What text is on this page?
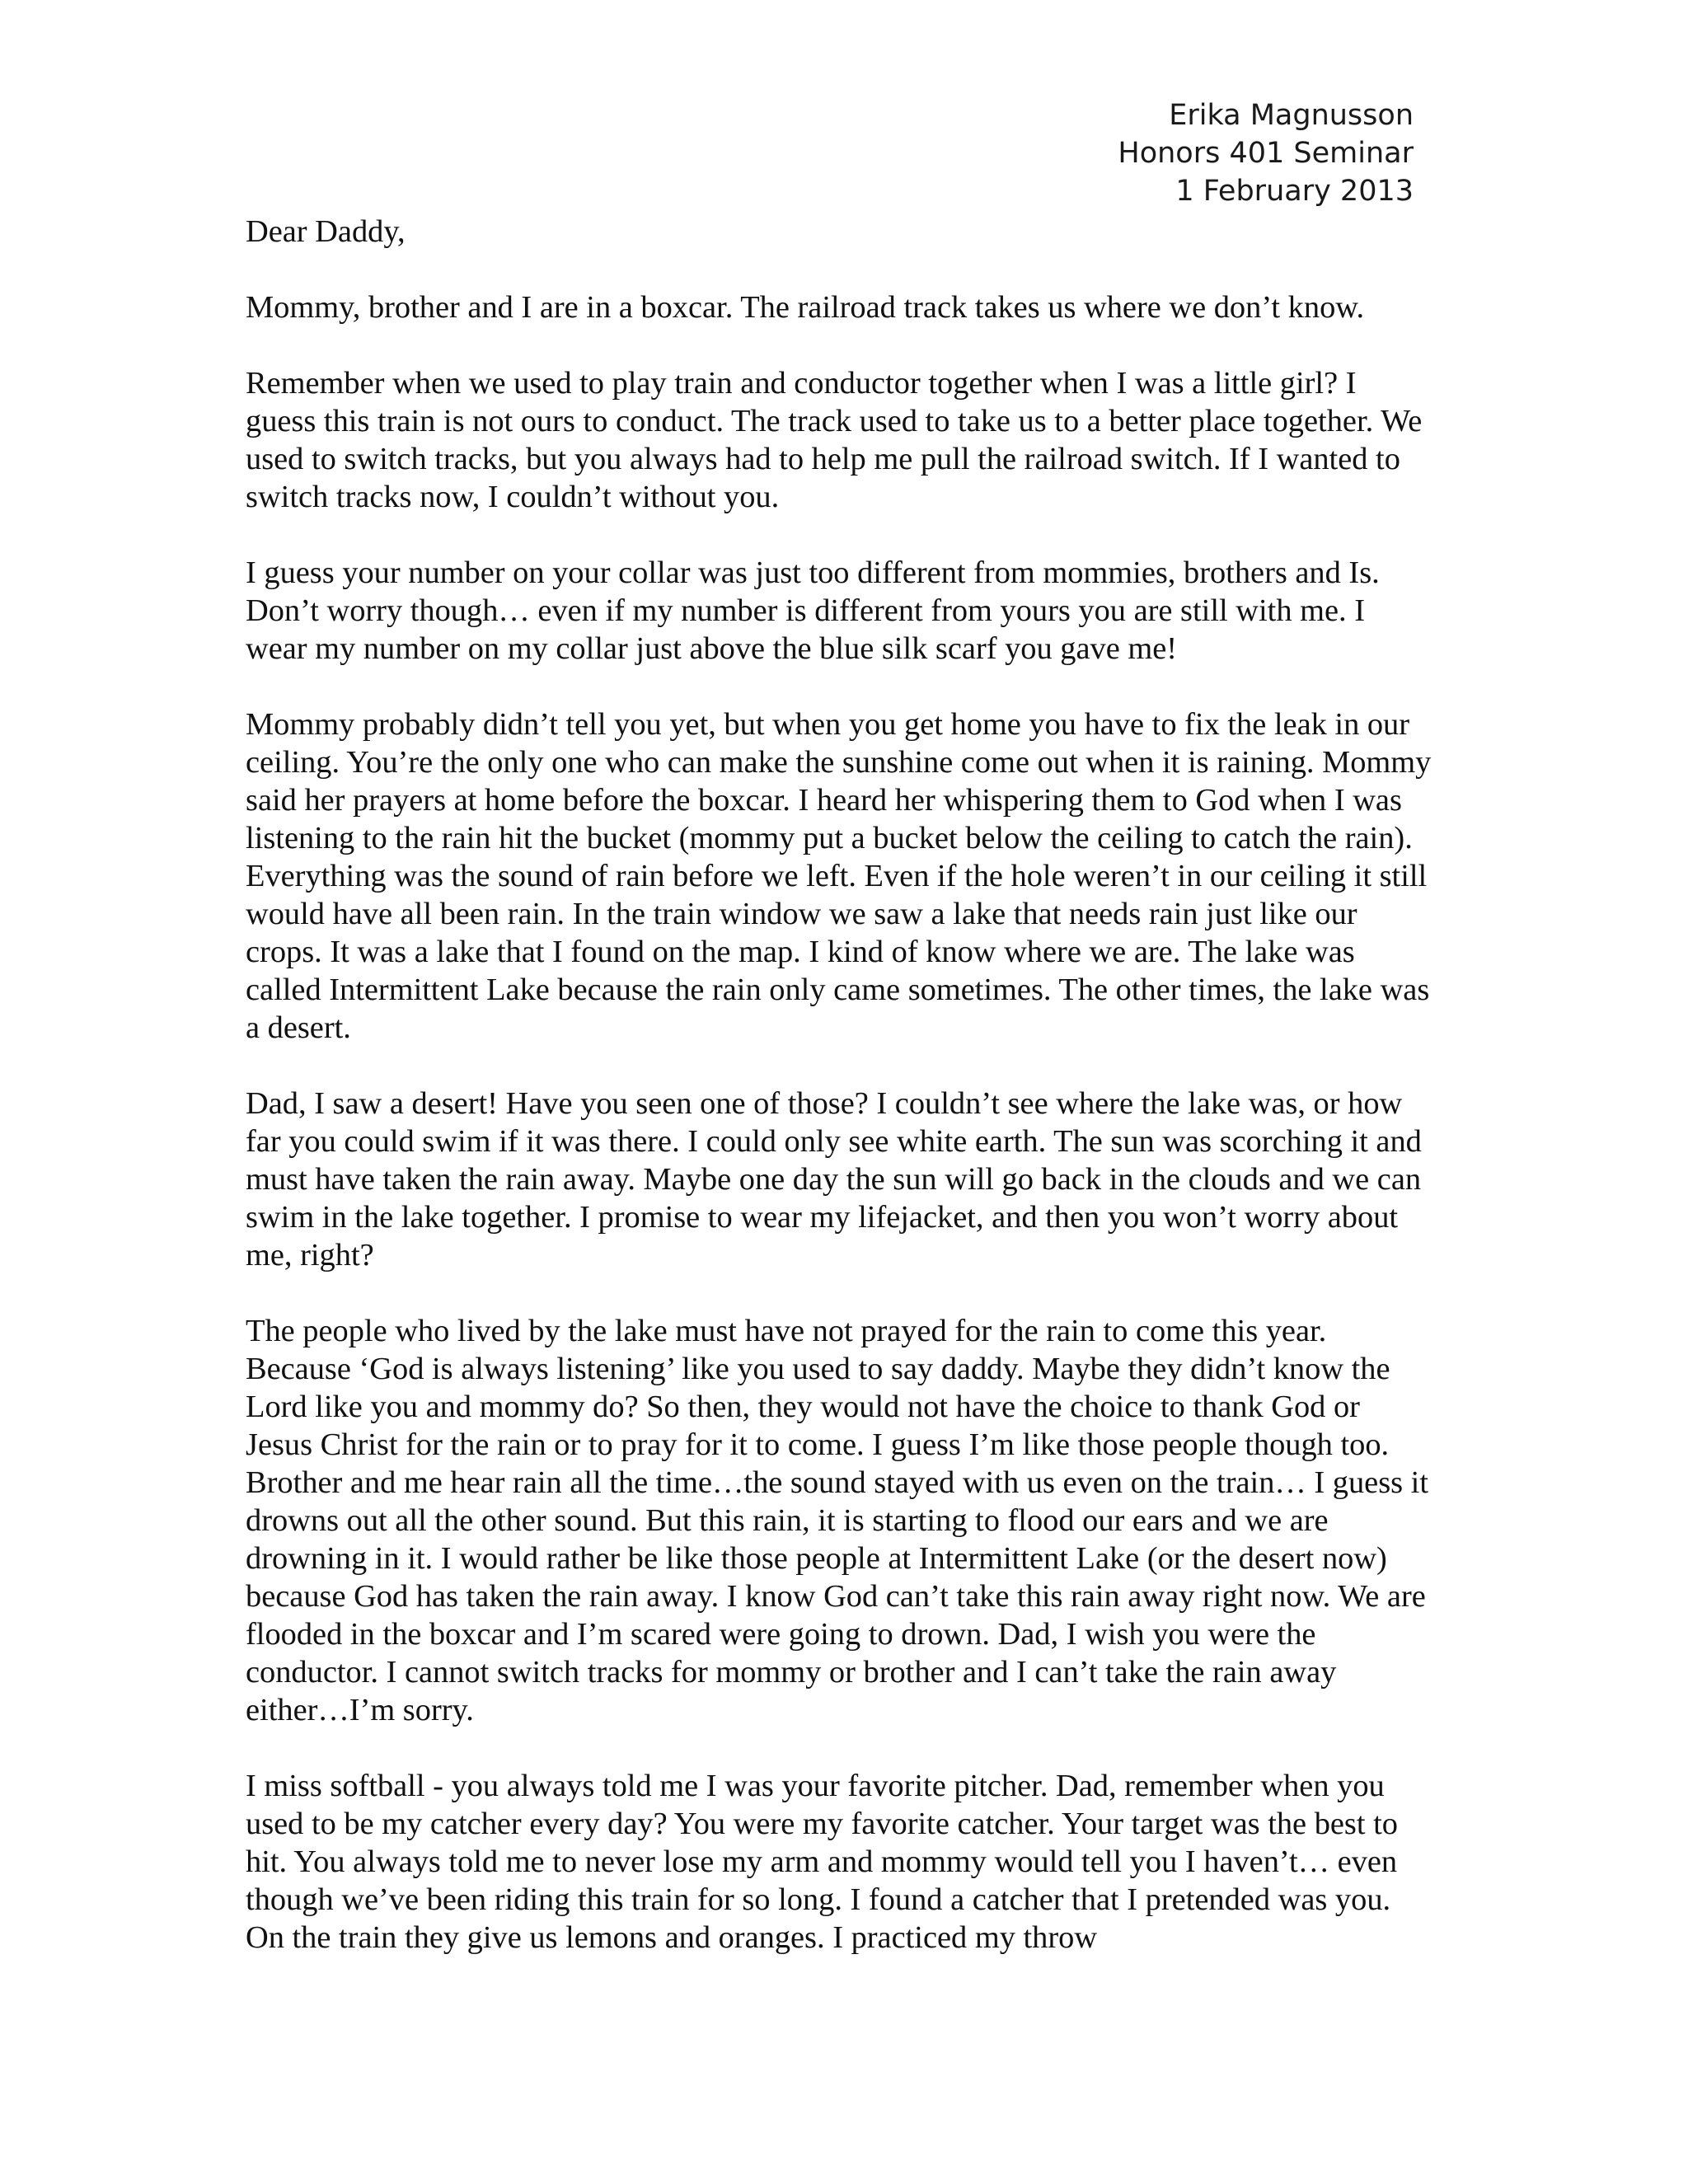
Erika Magnusson
Honors 401 Seminar
1 February 2013
Dear Daddy,
Mommy, brother and I are in a boxcar. The railroad track takes us where we don’t know.
Remember when we used to play train and conductor together when I was a little girl? I guess this train is not ours to conduct. The track used to take us to a better place together. We used to switch tracks, but you always had to help me pull the railroad switch. If I wanted to switch tracks now, I couldn’t without you.
I guess your number on your collar was just too different from mommies, brothers and Is. Don’t worry though… even if my number is different from yours you are still with me. I wear my number on my collar just above the blue silk scarf you gave me!
Mommy probably didn’t tell you yet, but when you get home you have to fix the leak in our ceiling. You’re the only one who can make the sunshine come out when it is raining. Mommy said her prayers at home before the boxcar. I heard her whispering them to God when I was listening to the rain hit the bucket (mommy put a bucket below the ceiling to catch the rain). Everything was the sound of rain before we left. Even if the hole weren’t in our ceiling it still would have all been rain. In the train window we saw a lake that needs rain just like our crops. It was a lake that I found on the map. I kind of know where we are. The lake was called Intermittent Lake because the rain only came sometimes. The other times, the lake was a desert.
Dad, I saw a desert! Have you seen one of those? I couldn’t see where the lake was, or how far you could swim if it was there. I could only see white earth. The sun was scorching it and must have taken the rain away. Maybe one day the sun will go back in the clouds and we can swim in the lake together. I promise to wear my lifejacket, and then you won’t worry about me, right?
The people who lived by the lake must have not prayed for the rain to come this year. Because ‘God is always listening’ like you used to say daddy. Maybe they didn’t know the Lord like you and mommy do? So then, they would not have the choice to thank God or Jesus Christ for the rain or to pray for it to come. I guess I’m like those people though too. Brother and me hear rain all the time…the sound stayed with us even on the train… I guess it drowns out all the other sound. But this rain, it is starting to flood our ears and we are drowning in it. I would rather be like those people at Intermittent Lake (or the desert now) because God has taken the rain away. I know God can’t take this rain away right now. We are flooded in the boxcar and I’m scared were going to drown. Dad, I wish you were the conductor. I cannot switch tracks for mommy or brother and I can’t take the rain away either…I’m sorry.
I miss softball - you always told me I was your favorite pitcher. Dad, remember when you used to be my catcher every day? You were my favorite catcher. Your target was the best to hit. You always told me to never lose my arm and mommy would tell you I haven’t… even though we’ve been riding this train for so long. I found a catcher that I pretended was you. On the train they give us lemons and oranges. I practiced my throw
